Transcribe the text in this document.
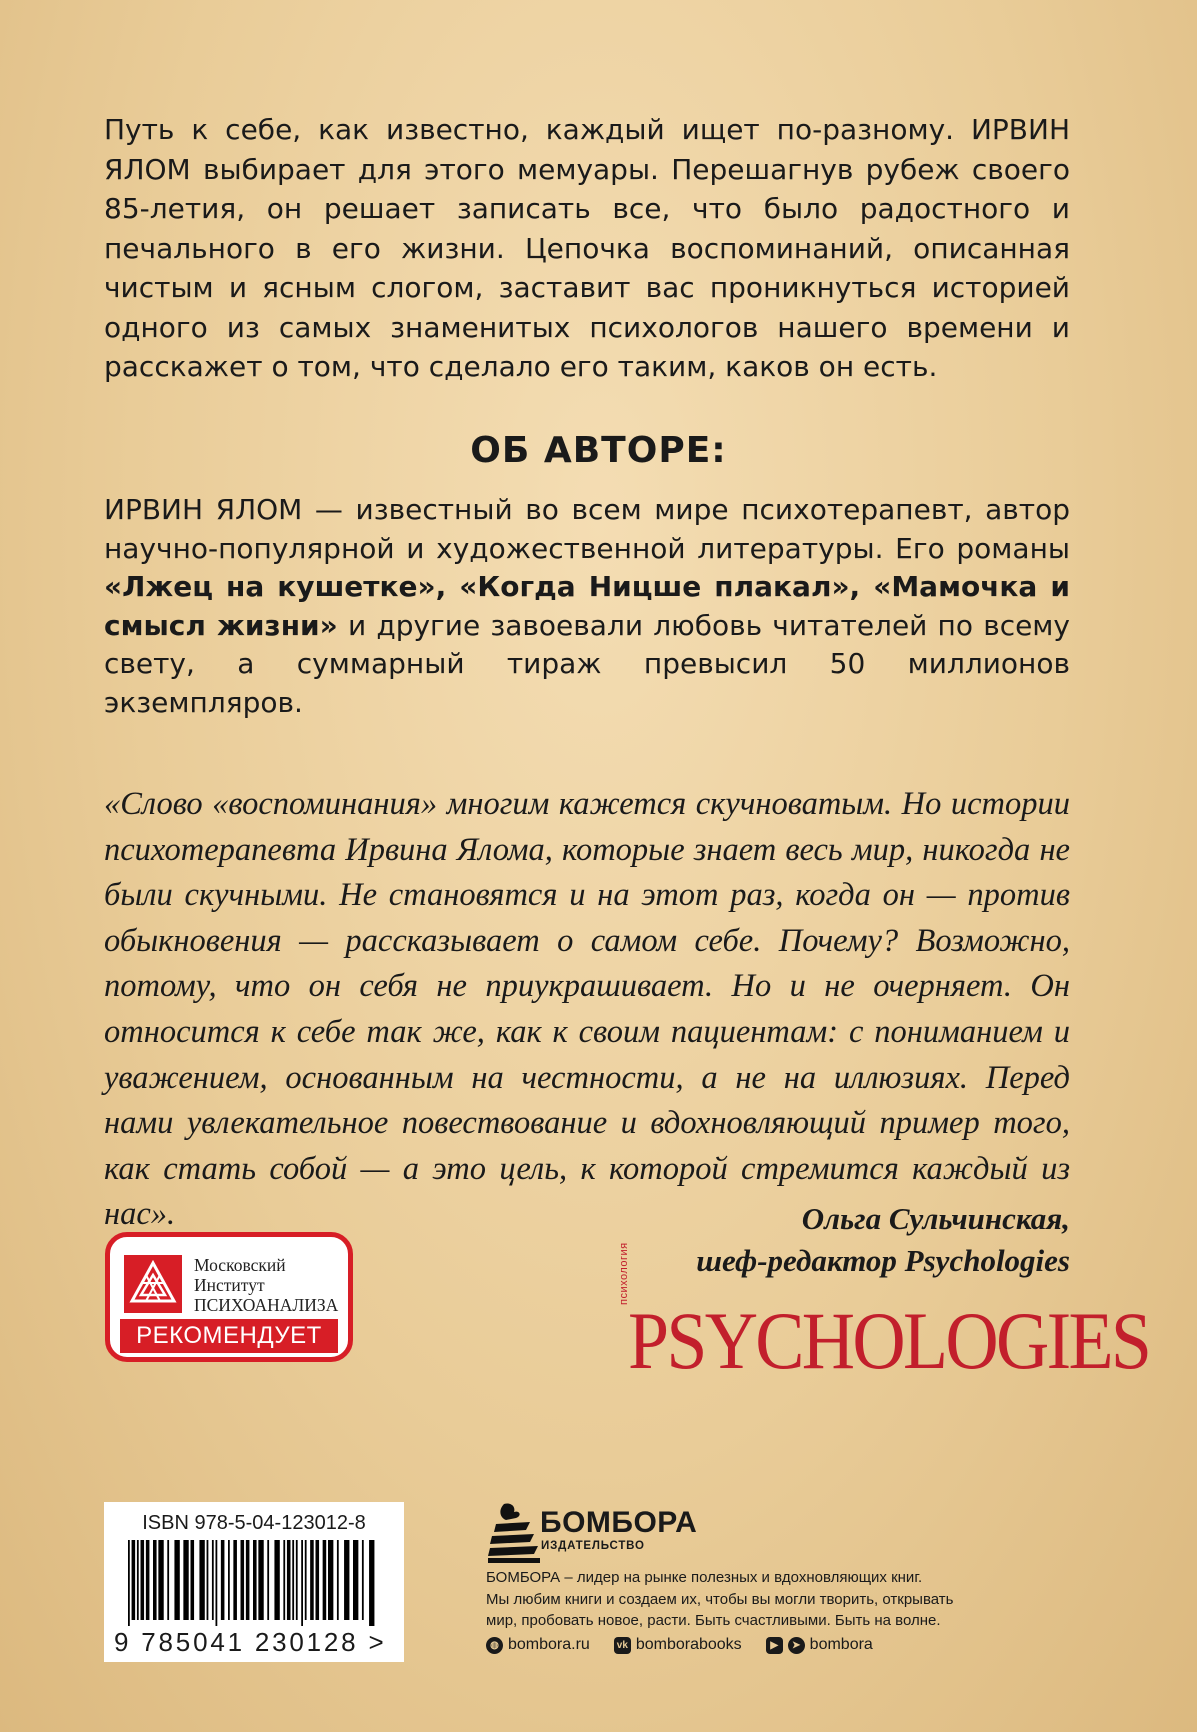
Путь к себе, как известно, каждый ищет по-разному. ИРВИН ЯЛОМ выбирает для этого мемуары. Перешагнув рубеж своего 85-летия, он решает записать все, что было радостного и печального в его жизни. Цепочка воспоминаний, описанная чистым и ясным слогом, заставит вас проникнуться историей одного из самых знаменитых психологов нашего времени и расскажет о том, что сделало его таким, каков он есть.

ОБ АВТОРЕ:

ИРВИН ЯЛОМ — известный во всем мире психотерапевт, автор научно-популярной и художественной литературы. Его романы «Лжец на кушетке», «Когда Ницше плакал», «Мамочка и смысл жизни» и другие завоевали любовь читателей по всему свету, а суммарный тираж превысил 50 миллионов экземпляров.

«Слово «воспоминания» многим кажется скучноватым. Но истории психотерапевта Ирвина Ялома, которые знает весь мир, никогда не были скучными. Не становятся и на этот раз, когда он — против обыкновения — рассказывает о самом себе. Почему? Возможно, потому, что он себя не приукрашивает. Но и не очерняет. Он относится к себе так же, как к своим пациентам: с пониманием и уважением, основанным на честности, а не на иллюзиях. Перед нами увлекательное повествование и вдохновляющий пример того, как стать собой — а это цель, к которой стремится каждый из нас».	Ольга Сульчинская,
шеф-редактор Psychologies
Московский
Институт
ПСИХОАНАЛИЗА
РЕКОМЕНДУЕТ
психология
PSYCHOLOGIES
ISBN 978-5-04-123012-8
9 785041 230128 >
БОМБОРА
ИЗДАТЕЛЬСТВО
БОМБОРА – лидер на рынке полезных и вдохновляющих книг.
Мы любим книги и создаем их, чтобы вы могли творить, открывать
мир, пробовать новое, расти. Быть счастливыми. Быть на волне.
◍ bombora.ru	vk bomborabooks	▶	➤ bombora
